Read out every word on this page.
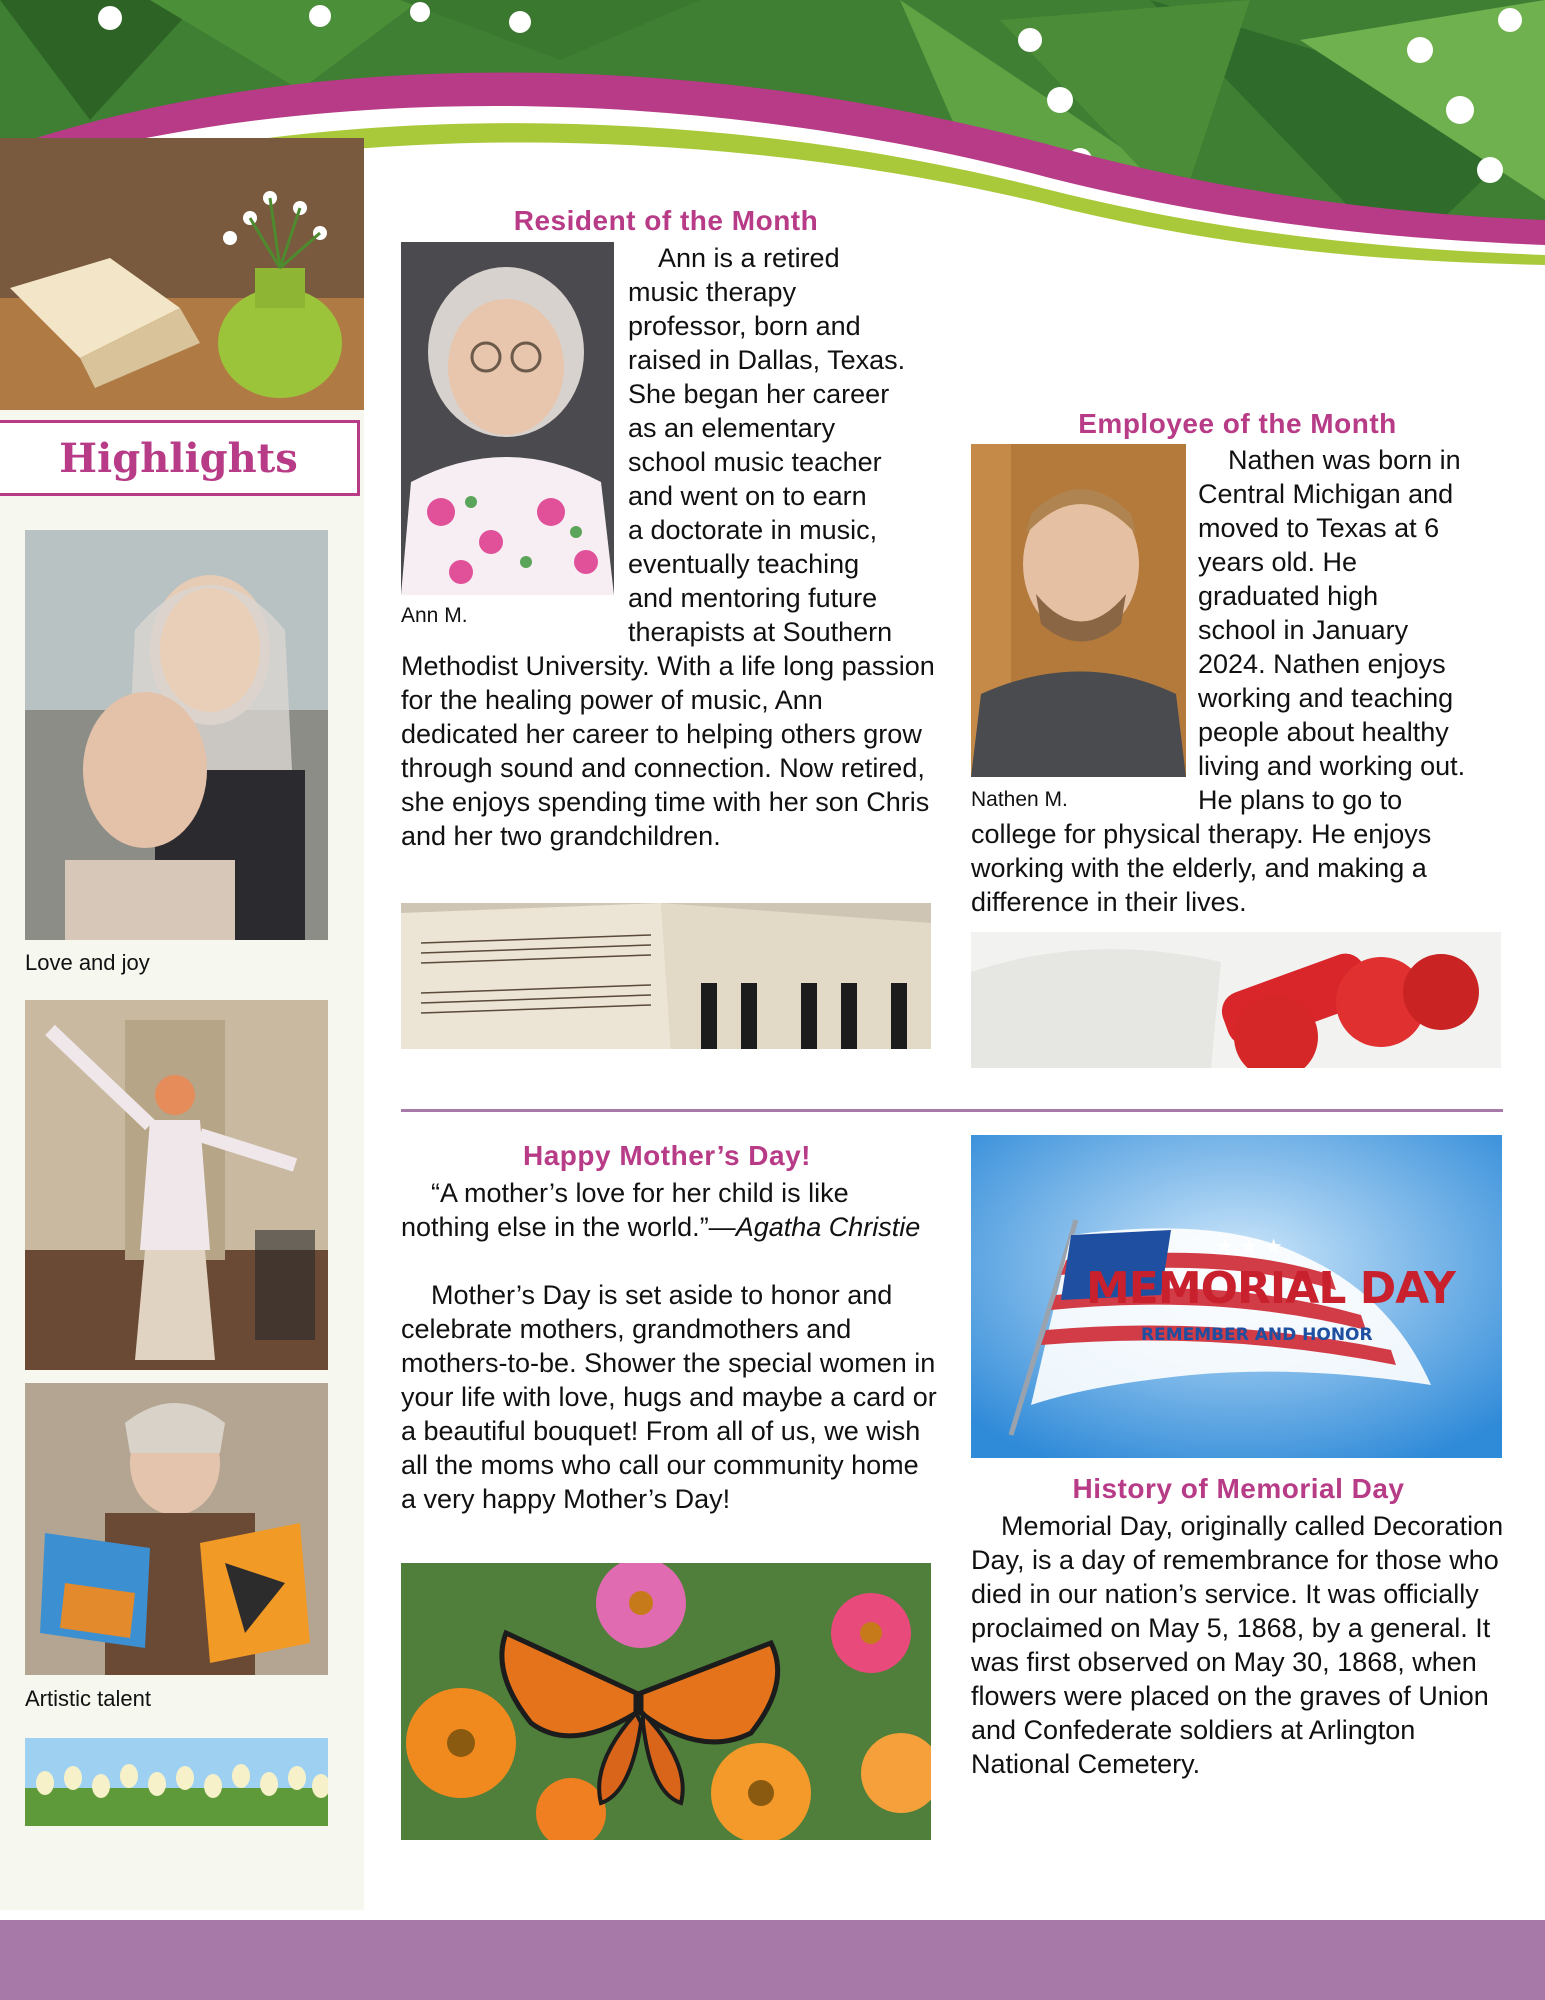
Highlights
Love and joy
Artistic talent
Resident of the Month
Ann M.
Ann is a retired
music therapy
professor, born and
raised in Dallas, Texas.
She began her career
as an elementary
school music teacher
and went on to earn
a doctorate in music,
eventually teaching
and mentoring future
therapists at Southern
Methodist University. With a life long passion for the healing power of music, Ann dedicated her career to helping others grow through sound and connection. Now retired, she enjoys spending time with her son Chris and her two grandchildren.
Employee of the Month
Nathen M.
Nathen was born in
Central Michigan and
moved to Texas at 6
years old. He
graduated high
school in January
2024. Nathen enjoys
working and teaching
people about healthy
living and working out.
He plans to go to
college for physical therapy. He enjoys working with the elderly, and making a difference in their lives.
Happy Mother’s Day!
“A mother’s love for her child is like nothing else in the world.”—Agatha Christie
Mother’s Day is set aside to honor and celebrate mothers, grandmothers and mothers-to-be. Shower the special women in your life with love, hugs and maybe a card or a beautiful bouquet! From all of us, we wish all the moms who call our community home a very happy Mother’s Day!
★ ★ ★
MEMORIAL DAY
REMEMBER AND HONOR
History of Memorial Day
Memorial Day, originally called Decoration Day, is a day of remembrance for those who died in our nation’s service. It was officially proclaimed on May 5, 1868, by a general. It was first observed on May 30, 1868, when flowers were placed on the graves of Union and Confederate soldiers at Arlington National Cemetery.
